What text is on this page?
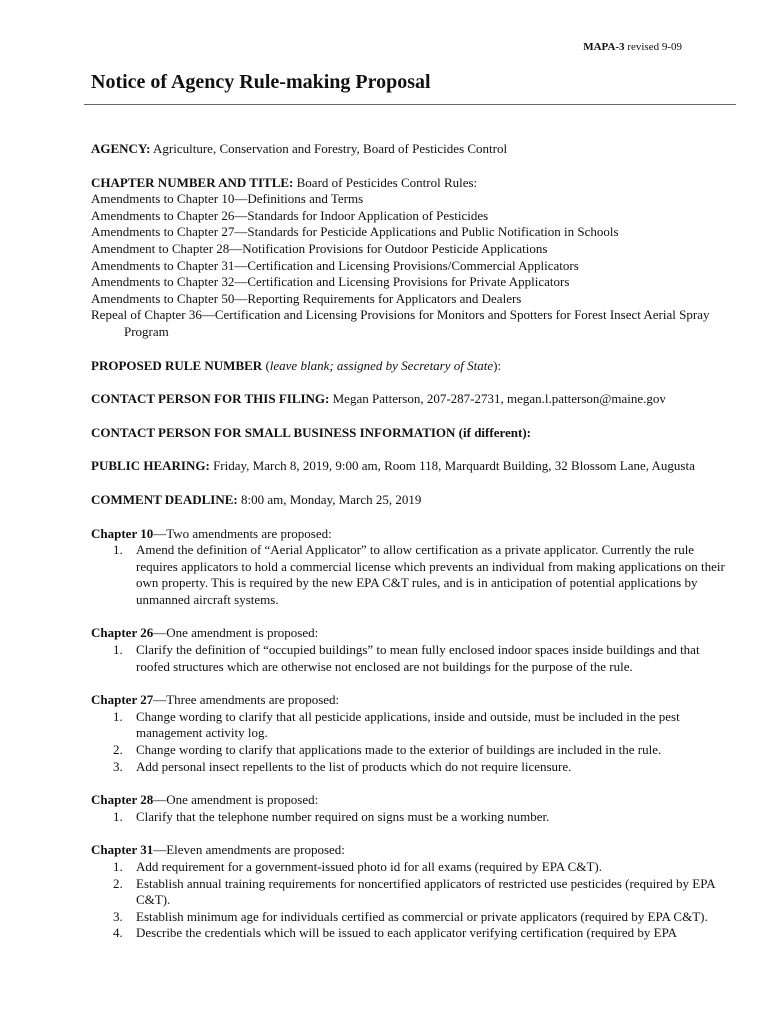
MAPA-3 revised 9-09
Notice of Agency Rule-making Proposal
AGENCY: Agriculture, Conservation and Forestry, Board of Pesticides Control
CHAPTER NUMBER AND TITLE: Board of Pesticides Control Rules:
Amendments to Chapter 10—Definitions and Terms
Amendments to Chapter 26—Standards for Indoor Application of Pesticides
Amendments to Chapter 27—Standards for Pesticide Applications and Public Notification in Schools
Amendment to Chapter 28—Notification Provisions for Outdoor Pesticide Applications
Amendments to Chapter 31—Certification and Licensing Provisions/Commercial Applicators
Amendments to Chapter 32—Certification and Licensing Provisions for Private Applicators
Amendments to Chapter 50—Reporting Requirements for Applicators and Dealers
Repeal of Chapter 36—Certification and Licensing Provisions for Monitors and Spotters for Forest Insect Aerial Spray Program
PROPOSED RULE NUMBER (leave blank; assigned by Secretary of State):
CONTACT PERSON FOR THIS FILING: Megan Patterson, 207-287-2731, megan.l.patterson@maine.gov
CONTACT PERSON FOR SMALL BUSINESS INFORMATION (if different):
PUBLIC HEARING: Friday, March 8, 2019, 9:00 am, Room 118, Marquardt Building, 32 Blossom Lane, Augusta
COMMENT DEADLINE: 8:00 am, Monday, March 25, 2019
Chapter 10—Two amendments are proposed:
1. Amend the definition of “Aerial Applicator” to allow certification as a private applicator. Currently the rule requires applicators to hold a commercial license which prevents an individual from making applications on their own property. This is required by the new EPA C&T rules, and is in anticipation of potential applications by unmanned aircraft systems.
Chapter 26—One amendment is proposed:
1. Clarify the definition of “occupied buildings” to mean fully enclosed indoor spaces inside buildings and that roofed structures which are otherwise not enclosed are not buildings for the purpose of the rule.
Chapter 27—Three amendments are proposed:
1. Change wording to clarify that all pesticide applications, inside and outside, must be included in the pest management activity log.
2. Change wording to clarify that applications made to the exterior of buildings are included in the rule.
3. Add personal insect repellents to the list of products which do not require licensure.
Chapter 28—One amendment is proposed:
1. Clarify that the telephone number required on signs must be a working number.
Chapter 31—Eleven amendments are proposed:
1. Add requirement for a government-issued photo id for all exams (required by EPA C&T).
2. Establish annual training requirements for noncertified applicators of restricted use pesticides (required by EPA C&T).
3. Establish minimum age for individuals certified as commercial or private applicators (required by EPA C&T).
4. Describe the credentials which will be issued to each applicator verifying certification (required by EPA
